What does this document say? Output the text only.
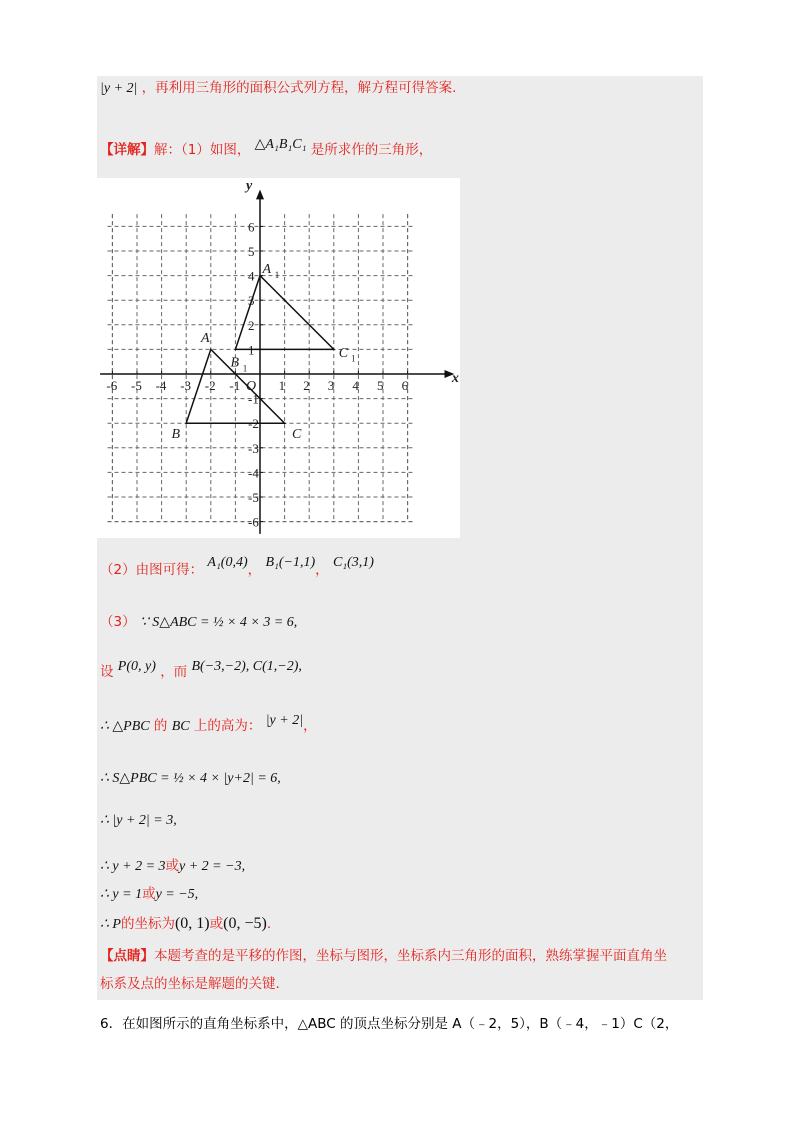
|y + 2| ，再利用三角形的面积公式列方程，解方程可得答案.
【详解】解：（1）如图， △A₁B₁C₁ 是所求作的三角形，
x
y
O
-6 -5 -4 -3 -2 -1	1 2 3 4 5 6
6
5
4
3
2
1
-1
-2
-3
-4
-5
-6
A
B	C
A 1
B 1
C 1
（2）由图可得： A₁(0,4)， B₁(−1,1)， C₁(3,1)
（3） ∵ S△ABC = ½ × 4 × 3 = 6,
设 P(0, y) ，而 B(−3,−2), C(1,−2),
∴ △PBC 的 BC 上的高为： |y + 2|，
∴ S△PBC = ½ × 4 × |y+2| = 6,
∴ |y + 2| = 3,
∴ y + 2 = 3或y + 2 = −3,
∴ y = 1或y = −5,
∴ P的坐标为(0, 1)或(0, −5).
【点睛】本题考查的是平移的作图，坐标与图形，坐标系内三角形的面积，熟练掌握平面直角坐
标系及点的坐标是解题的关键.
6．在如图所示的直角坐标系中，△ABC 的顶点坐标分别是 A（﹣2，5），B（﹣4，﹣1）C（2，
